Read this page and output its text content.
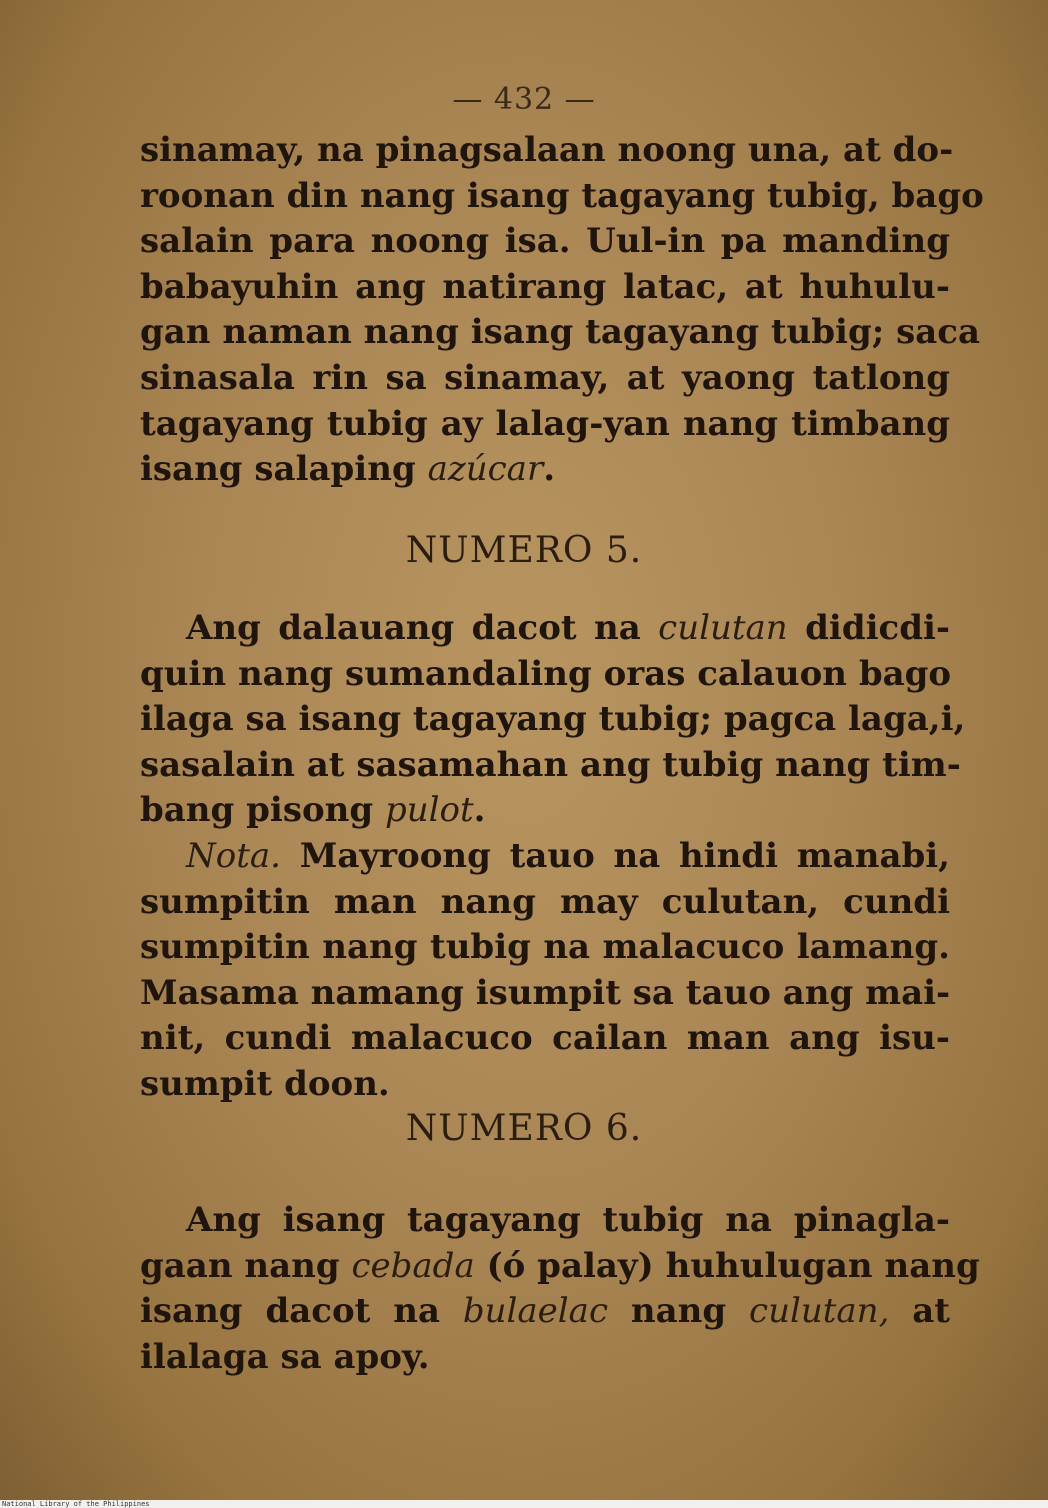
— 432 —
sinamay, na pinagsalaan noong una, at do-
roonan din nang isang tagayang tubig, bago
salain para noong isa. Uul-in pa manding
babayuhin ang natirang latac, at huhulu-
gan naman nang isang tagayang tubig; saca
sinasala rin sa sinamay, at yaong tatlong
tagayang tubig ay lalag-yan nang timbang
isang salaping azúcar.
NUMERO 5.
Ang dalauang dacot na culutan didicdi-
quin nang sumandaling oras calauon bago
ilaga sa isang tagayang tubig; pagca laga,i,
sasalain at sasamahan ang tubig nang tim-
bang pisong pulot.
Nota. Mayroong tauo na hindi manabi,
sumpitin man nang may culutan, cundi
sumpitin nang tubig na malacuco lamang.
Masama namang isumpit sa tauo ang mai-
nit, cundi malacuco cailan man ang isu-
sumpit doon.
NUMERO 6.
Ang isang tagayang tubig na pinagla-
gaan nang cebada (ó palay) huhulugan nang
isang dacot na bulaelac nang culutan, at
ilalaga sa apoy.
National Library of the Philippines
